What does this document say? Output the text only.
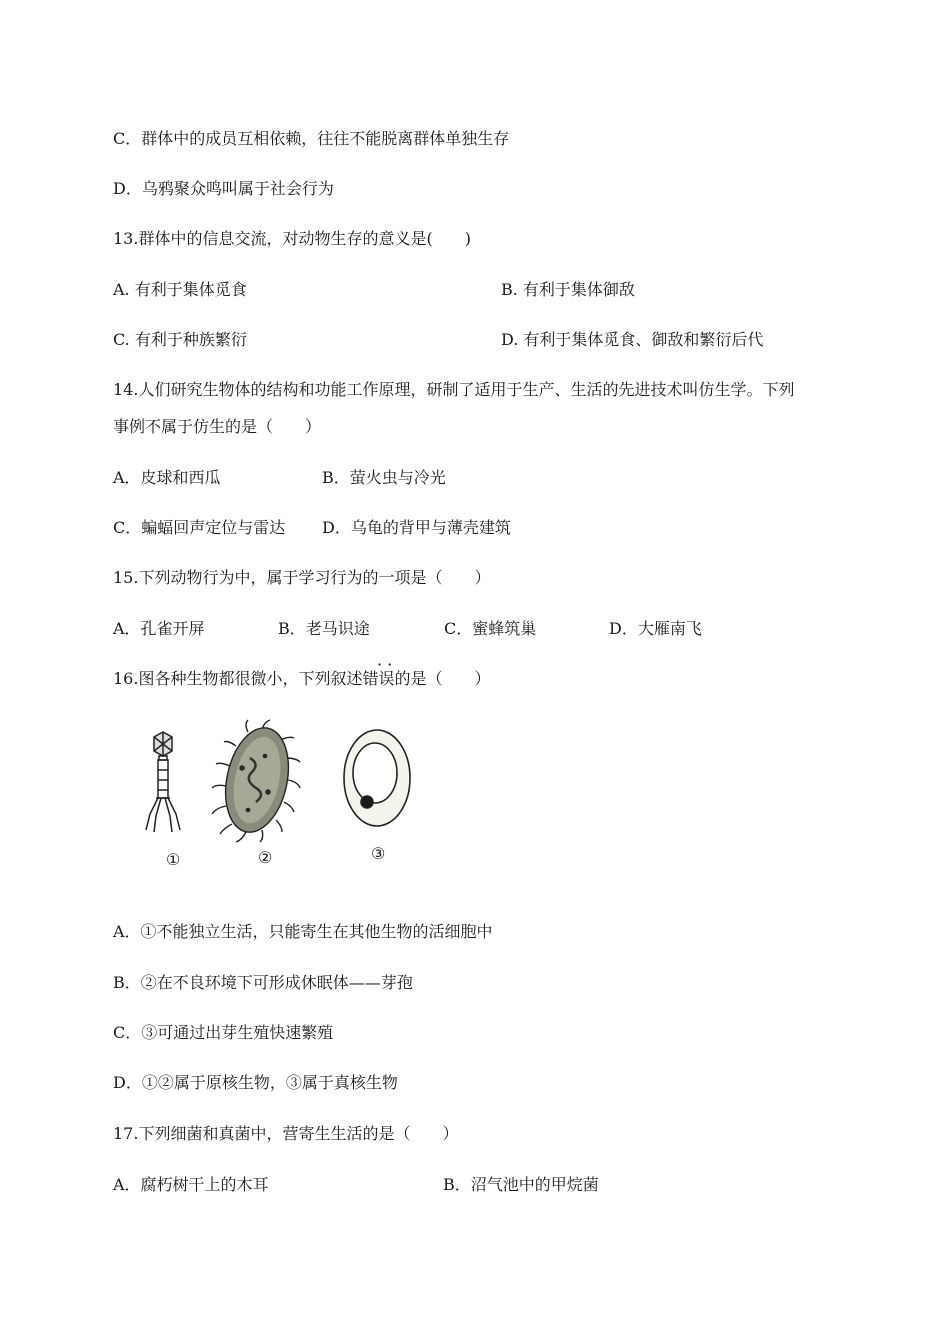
C．群体中的成员互相依赖，往往不能脱离群体单独生存
D．乌鸦聚众鸣叫属于社会行为
13.群体中的信息交流，对动物生存的意义是(　　)
A. 有利于集体觅食	B. 有利于集体御敌
C. 有利于种族繁衍	D. 有利于集体觅食、御敌和繁衍后代
14.人们研究生物体的结构和功能工作原理，研制了适用于生产、生活的先进技术叫仿生学。下列
事例不属于仿生的是（　　）
A．皮球和西瓜	B．萤火虫与冷光
C．蝙蝠回声定位与雷达 D．乌龟的背甲与薄壳建筑
15.下列动物行为中，属于学习行为的一项是（　　）
A．孔雀开屏	B．老马识途	C．蜜蜂筑巢	D．大雁南飞
· ·
16.图各种生物都很微小，下列叙述错误的是（　　）
①	②	③
A．①不能独立生活，只能寄生在其他生物的活细胞中
B．②在不良环境下可形成休眠体——芽孢
C．③可通过出芽生殖快速繁殖
D．①②属于原核生物，③属于真核生物
17.下列细菌和真菌中，营寄生生活的是（　　）
A．腐朽树干上的木耳	B．沼气池中的甲烷菌
